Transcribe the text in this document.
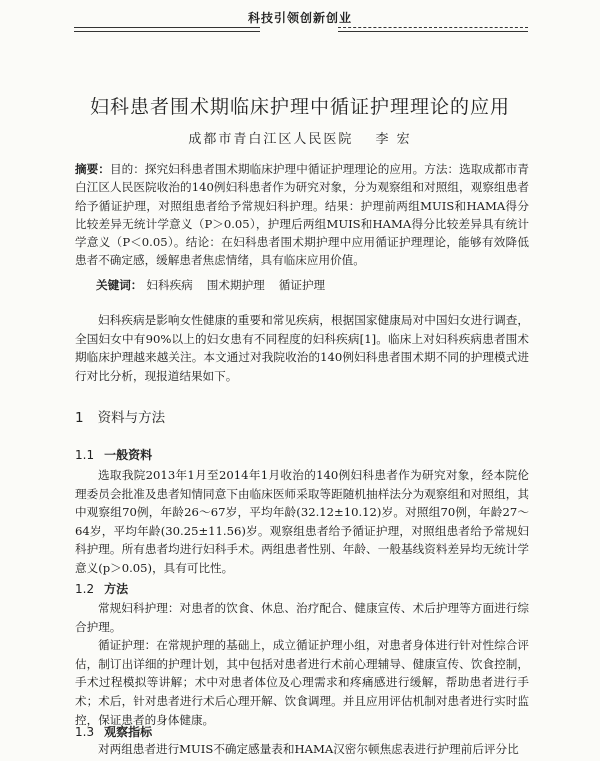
科技引领创新创业
妇科患者围术期临床护理中循证护理理论的应用
成都市青白江区人民医院 李 宏
摘要：目的：探究妇科患者围术期临床护理中循证护理理论的应用。方法：选取成都市青白江区人民医院收治的140例妇科患者作为研究对象，分为观察组和对照组，观察组患者给予循证护理，对照组患者给予常规妇科护理。结果：护理前两组MUIS和HAMA得分比较差异无统计学意义（P＞0.05），护理后两组MUIS和HAMA得分比较差异具有统计学意义（P＜0.05）。结论：在妇科患者围术期护理中应用循证护理理论，能够有效降低患者不确定感，缓解患者焦虑情绪，具有临床应用价值。
关键词： 妇科疾病 围术期护理 循证护理

妇科疾病是影响女性健康的重要和常见疾病，根据国家健康局对中国妇女进行调查，全国妇女中有90%以上的妇女患有不同程度的妇科疾病[1]。临床上对妇科疾病患者围术期临床护理越来越关注。本文通过对我院收治的140例妇科患者围术期不同的护理模式进行对比分析，现报道结果如下。

1 资料与方法
1.1 一般资料

选取我院2013年1月至2014年1月收治的140例妇科患者作为研究对象，经本院伦理委员会批准及患者知情同意下由临床医师采取等距随机抽样法分为观察组和对照组，其中观察组70例，年龄26～67岁，平均年龄(32.12±10.12)岁。对照组70例，年龄27～64岁，平均年龄(30.25±11.56)岁。观察组患者给予循证护理，对照组患者给予常规妇科护理。所有患者均进行妇科手术。两组患者性别、年龄、一般基线资料差异均无统计学意义(p＞0.05)，具有可比性。

1.2 方法

常规妇科护理：对患者的饮食、休息、治疗配合、健康宣传、术后护理等方面进行综合护理。

循证护理：在常规护理的基础上，成立循证护理小组，对患者身体进行针对性综合评估，制订出详细的护理计划，其中包括对患者进行术前心理辅导、健康宣传、饮食控制，手术过程模拟等讲解；术中对患者体位及心理需求和疼痛感进行缓解，帮助患者进行手术；术后，针对患者进行术后心理开解、饮食调理。并且应用评估机制对患者进行实时监控，保证患者的身体健康。

1.3 观察指标

对两组患者进行MUIS不确定感量表和HAMA汉密尔顿焦虑表进行护理前后评分比
